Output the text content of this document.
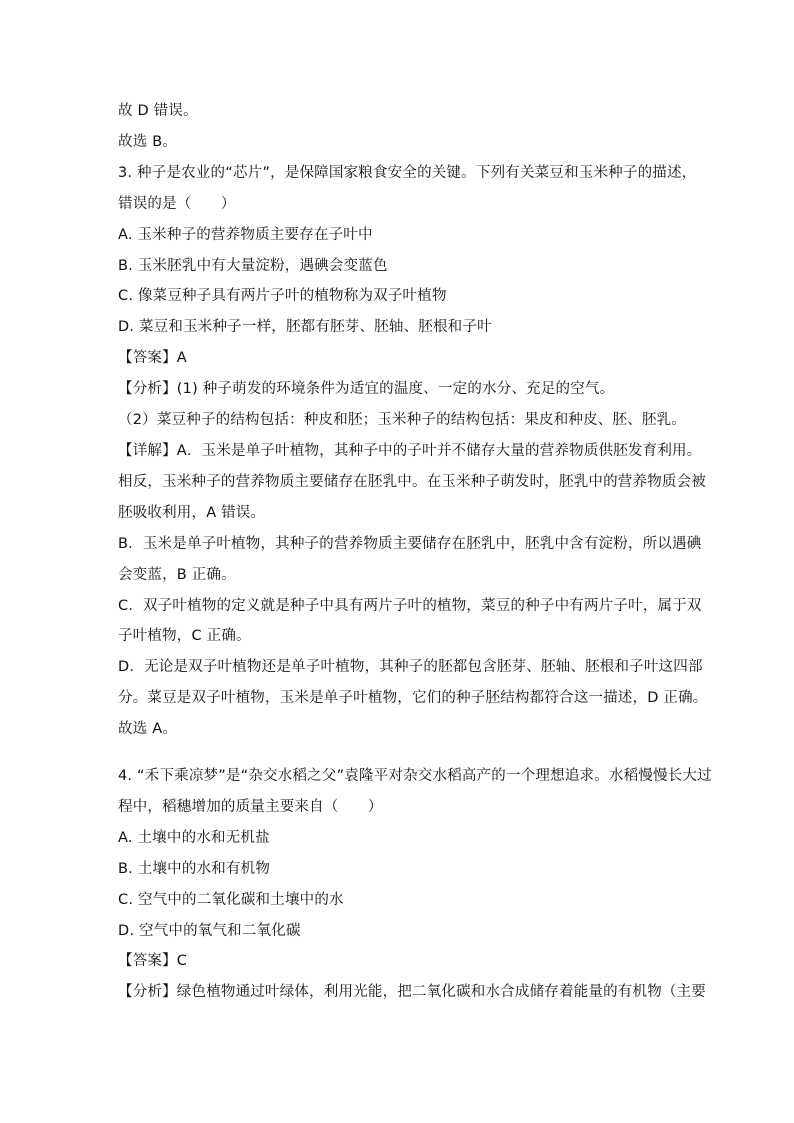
故 D 错误。
故选 B。
3. 种子是农业的“芯片”，是保障国家粮食安全的关键。下列有关菜豆和玉米种子的描述，
错误的是（　　）
A. 玉米种子的营养物质主要存在子叶中
B. 玉米胚乳中有大量淀粉，遇碘会变蓝色
C. 像菜豆种子具有两片子叶的植物称为双子叶植物
D. 菜豆和玉米种子一样，胚都有胚芽、胚轴、胚根和子叶
【答案】A
【分析】(1) 种子萌发的环境条件为适宜的温度、一定的水分、充足的空气。
（2）菜豆种子的结构包括：种皮和胚；玉米种子的结构包括：果皮和种皮、胚、胚乳。
【详解】A．玉米是单子叶植物，其种子中的子叶并不储存大量的营养物质供胚发育利用。
相反，玉米种子的营养物质主要储存在胚乳中。在玉米种子萌发时，胚乳中的营养物质会被
胚吸收利用，A 错误。
B．玉米是单子叶植物，其种子的营养物质主要储存在胚乳中，胚乳中含有淀粉，所以遇碘
会变蓝，B 正确。
C．双子叶植物的定义就是种子中具有两片子叶的植物，菜豆的种子中有两片子叶，属于双
子叶植物，C 正确。
D．无论是双子叶植物还是单子叶植物，其种子的胚都包含胚芽、胚轴、胚根和子叶这四部
分。菜豆是双子叶植物，玉米是单子叶植物，它们的种子胚结构都符合这一描述，D 正确。
故选 A。
4. “禾下乘凉梦”是“杂交水稻之父”袁隆平对杂交水稻高产的一个理想追求。水稻慢慢长大过
程中，稻穗增加的质量主要来自（　　）
A. 土壤中的水和无机盐
B. 土壤中的水和有机物
C. 空气中的二氧化碳和土壤中的水
D. 空气中的氧气和二氧化碳
【答案】C
【分析】绿色植物通过叶绿体，利用光能，把二氧化碳和水合成储存着能量的有机物（主要
